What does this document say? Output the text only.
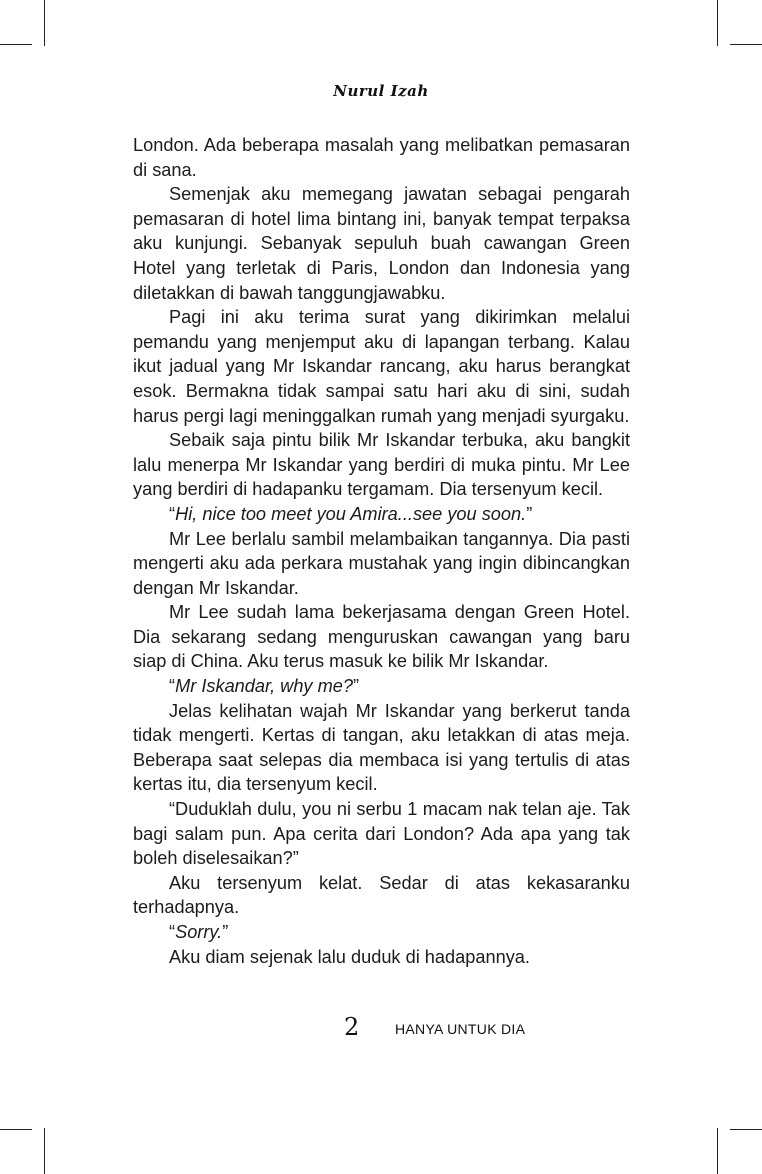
Nurul Izah

London. Ada beberapa masalah yang melibatkan pemasaran di sana.

Semenjak aku memegang jawatan sebagai pengarah pemasaran di hotel lima bintang ini, banyak tempat terpaksa aku kunjungi. Sebanyak sepuluh buah cawangan Green Hotel yang terletak di Paris, London dan Indonesia yang diletakkan di bawah tanggungjawabku.

Pagi ini aku terima surat yang dikirimkan melalui pemandu yang menjemput aku di lapangan terbang. Kalau ikut jadual yang Mr Iskandar rancang, aku harus berangkat esok. Bermakna tidak sampai satu hari aku di sini, sudah harus pergi lagi meninggalkan rumah yang menjadi syurgaku.

Sebaik saja pintu bilik Mr Iskandar terbuka, aku bangkit lalu menerpa Mr Iskandar yang berdiri di muka pintu. Mr Lee yang berdiri di hadapanku tergamam. Dia tersenyum kecil.

“Hi, nice too meet you Amira...see you soon.”

Mr Lee berlalu sambil melambaikan tangannya. Dia pasti mengerti aku ada perkara mustahak yang ingin dibincangkan dengan Mr Iskandar.

Mr Lee sudah lama bekerjasama dengan Green Hotel. Dia sekarang sedang menguruskan cawangan yang baru siap di China. Aku terus masuk ke bilik Mr Iskandar.

“Mr Iskandar, why me?”

Jelas kelihatan wajah Mr Iskandar yang berkerut tanda tidak mengerti. Kertas di tangan, aku letakkan di atas meja. Beberapa saat selepas dia membaca isi yang tertulis di atas kertas itu, dia tersenyum kecil.

“Duduklah dulu, you ni serbu 1 macam nak telan aje. Tak bagi salam pun. Apa cerita dari London? Ada apa yang tak boleh diselesaikan?”

Aku tersenyum kelat. Sedar di atas kekasaranku terhadapnya.

“Sorry.”

Aku diam sejenak lalu duduk di hadapannya.

2	HANYA UNTUK DIA
